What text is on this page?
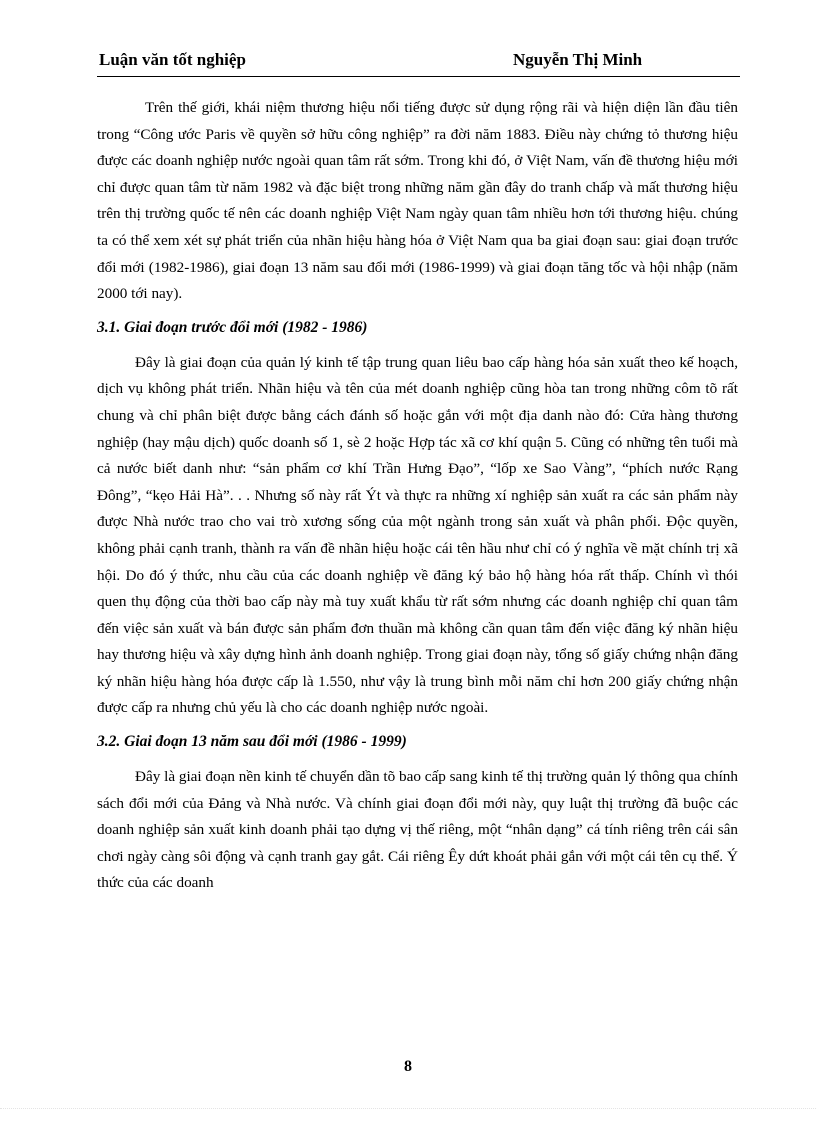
Luận văn tốt nghiệp	Nguyễn Thị Minh

Trên thế giới, khái niệm thương hiệu nổi tiếng được sử dụng rộng rãi và hiện diện lần đầu tiên trong “Công ước Paris về quyền sở hữu công nghiệp” ra đời năm 1883. Điều này chứng tỏ thương hiệu được các doanh nghiệp nước ngoài quan tâm rất sớm. Trong khi đó, ở Việt Nam, vấn đề thương hiệu mới chỉ được quan tâm từ năm 1982 và đặc biệt trong những năm gần đây do tranh chấp và mất thương hiệu trên thị trường quốc tế nên các doanh nghiệp Việt Nam ngày quan tâm nhiều hơn tới thương hiệu. chúng ta có thể xem xét sự phát triển của nhãn hiệu hàng hóa ở Việt Nam qua ba giai đoạn sau: giai đoạn trước đổi mới (1982-1986), giai đoạn 13 năm sau đổi mới (1986-1999) và giai đoạn tăng tốc và hội nhập (năm 2000 tới nay).

3.1. Giai đoạn trước đổi mới (1982 - 1986)

Đây là giai đoạn của quản lý kinh tế tập trung quan liêu bao cấp hàng hóa sản xuất theo kế hoạch, dịch vụ không phát triển. Nhãn hiệu và tên của mét doanh nghiệp cũng hòa tan trong những côm tõ rất chung và chỉ phân biệt được bằng cách đánh số hoặc gắn với một địa danh nào đó: Cửa hàng thương nghiệp (hay mậu dịch) quốc doanh số 1, sè 2 hoặc Hợp tác xã cơ khí quận 5. Cũng có những tên tuổi mà cả nước biết danh như: “sản phẩm cơ khí Trần Hưng Đạo”, “lốp xe Sao Vàng”, “phích nước Rạng Đông”, “kẹo Hải Hà”. . . Nhưng số này rất Ýt và thực ra những xí nghiệp sản xuất ra các sản phẩm này được Nhà nước trao cho vai trò xương sống của một ngành trong sản xuất và phân phối. Độc quyền, không phải cạnh tranh, thành ra vấn đề nhãn hiệu hoặc cái tên hầu như chỉ có ý nghĩa về mặt chính trị xã hội. Do đó ý thức, nhu cầu của các doanh nghiệp về đăng ký bảo hộ hàng hóa rất thấp. Chính vì thói quen thụ động của thời bao cấp này mà tuy xuất khẩu từ rất sớm nhưng các doanh nghiệp chỉ quan tâm đến việc sản xuất và bán được sản phẩm đơn thuần mà không cần quan tâm đến việc đăng ký nhãn hiệu hay thương hiệu và xây dựng hình ảnh doanh nghiệp. Trong giai đoạn này, tổng số giấy chứng nhận đăng ký nhãn hiệu hàng hóa được cấp là 1.550, như vậy là trung bình mỗi năm chỉ hơn 200 giấy chứng nhận được cấp ra nhưng chủ yếu là cho các doanh nghiệp nước ngoài.

3.2. Giai đoạn 13 năm sau đổi mới (1986 - 1999)

Đây là giai đoạn nền kinh tế chuyển dần tõ bao cấp sang kinh tế thị trường quản lý thông qua chính sách đổi mới của Đảng và Nhà nước. Và chính giai đoạn đổi mới này, quy luật thị trường đã buộc các doanh nghiệp sản xuất kinh doanh phải tạo dựng vị thế riêng, một “nhân dạng” cá tính riêng trên cái sân chơi ngày càng sôi động và cạnh tranh gay gắt. Cái riêng Êy dứt khoát phải gắn với một cái tên cụ thể. Ý thức của các doanh

8
